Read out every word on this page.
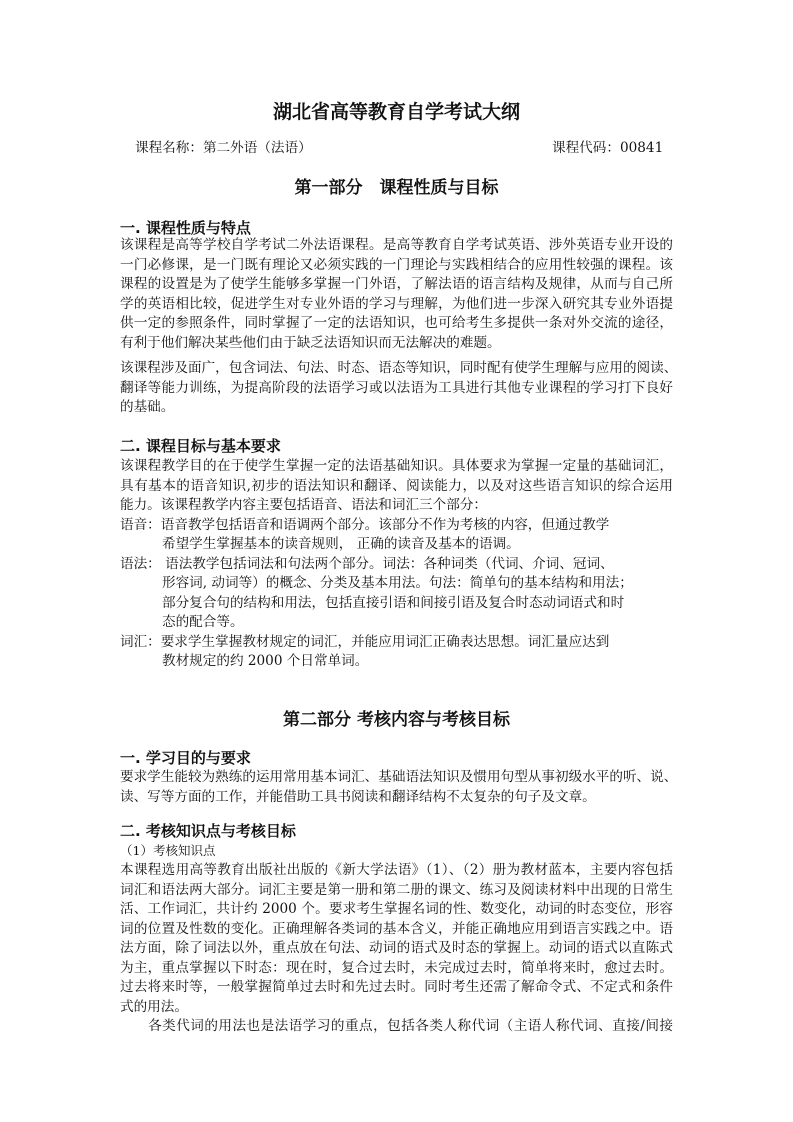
湖北省高等教育自学考试大纲
课程名称：第二外语（法语）	课程代码：00841
第一部分　课程性质与目标
一. 课程性质与特点
该课程是高等学校自学考试二外法语课程。是高等教育自学考试英语、涉外英语专业开设的
一门必修课，是一门既有理论又必须实践的一门理论与实践相结合的应用性较强的课程。该
课程的设置是为了使学生能够多掌握一门外语，了解法语的语言结构及规律，从而与自己所
学的英语相比较，促进学生对专业外语的学习与理解，为他们进一步深入研究其专业外语提
供一定的参照条件，同时掌握了一定的法语知识，也可给考生多提供一条对外交流的途径，
有利于他们解决某些他们由于缺乏法语知识而无法解决的难题。
该课程涉及面广，包含词法、句法、时态、语态等知识，同时配有使学生理解与应用的阅读、
翻译等能力训练，为提高阶段的法语学习或以法语为工具进行其他专业课程的学习打下良好
的基础。
二. 课程目标与基本要求
该课程教学目的在于使学生掌握一定的法语基础知识。具体要求为掌握一定量的基础词汇，
具有基本的语音知识,初步的语法知识和翻译、阅读能力，以及对这些语言知识的综合运用
能力。该课程教学内容主要包括语音、语法和词汇三个部分：
语音：语音教学包括语音和语调两个部分。该部分不作为考核的内容，但通过教学
希望学生掌握基本的读音规则， 正确的读音及基本的语调。
语法： 语法教学包括词法和句法两个部分。词法：各种词类（代词、介词、冠词、
形容词, 动词等）的概念、分类及基本用法。句法：简单句的基本结构和用法；
部分复合句的结构和用法，包括直接引语和间接引语及复合时态动词语式和时
态的配合等。
词汇：要求学生掌握教材规定的词汇，并能应用词汇正确表达思想。词汇量应达到
教材规定的约 2000 个日常单词。
第二部分 考核内容与考核目标
一. 学习目的与要求
要求学生能较为熟练的运用常用基本词汇、基础语法知识及惯用句型从事初级水平的听、说、
读、写等方面的工作，并能借助工具书阅读和翻译结构不太复杂的句子及文章。
二. 考核知识点与考核目标
（1）考核知识点
本课程选用高等教育出版社出版的《新大学法语》（1）、（2）册为教材蓝本，主要内容包括
词汇和语法两大部分。词汇主要是第一册和第二册的课文、练习及阅读材料中出现的日常生
活、工作词汇，共计约 2000 个。要求考生掌握名词的性、数变化，动词的时态变位，形容
词的位置及性数的变化。正确理解各类词的基本含义，并能正确地应用到语言实践之中。语
法方面，除了词法以外，重点放在句法、动词的语式及时态的掌握上。动词的语式以直陈式
为主，重点掌握以下时态：现在时，复合过去时，未完成过去时，简单将来时，愈过去时。
过去将来时等，一般掌握简单过去时和先过去时。同时考生还需了解命令式、不定式和条件
式的用法。
　　各类代词的用法也是法语学习的重点，包括各类人称代词（主语人称代词、直接/间接
